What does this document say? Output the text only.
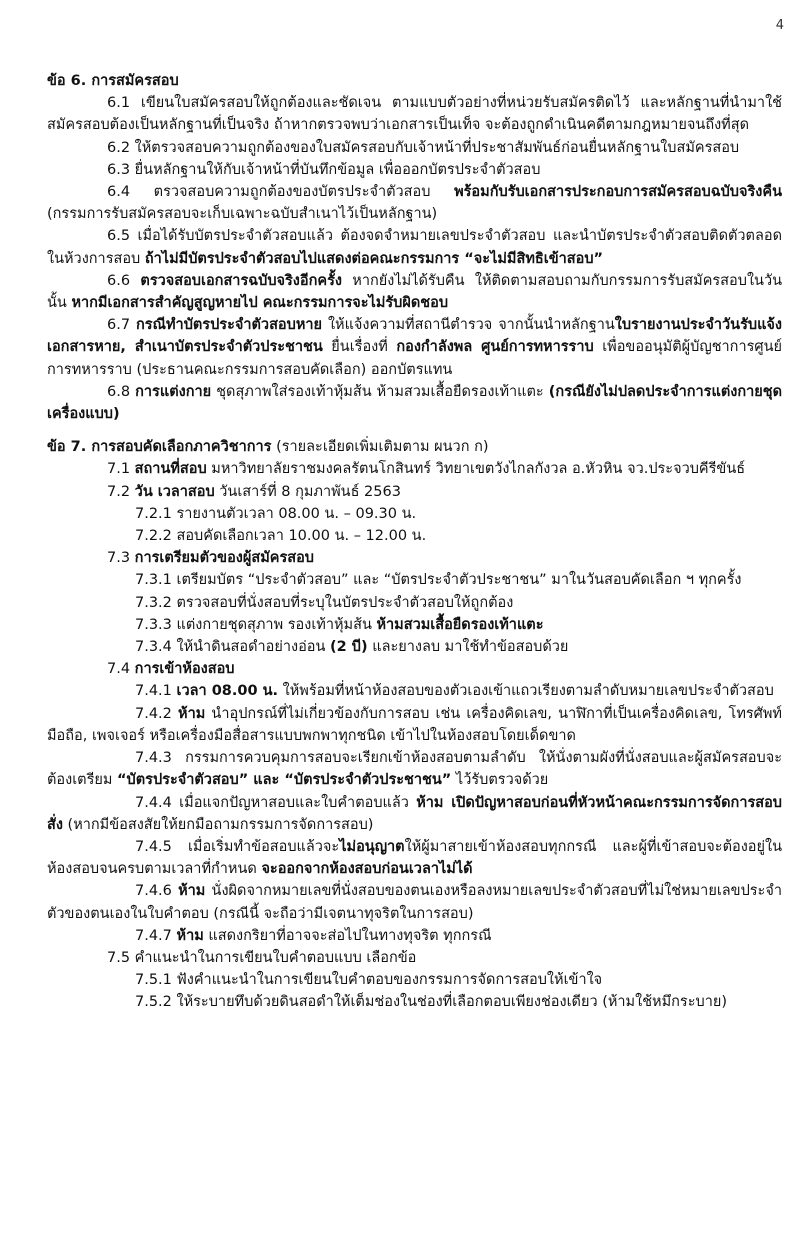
4
ข้อ 6. การสมัครสอบ
6.1 เขียนใบสมัครสอบให้ถูกต้องและชัดเจน ตามแบบตัวอย่างที่หน่วยรับสมัครติดไว้ และหลักฐานที่นำมาใช้สมัครสอบต้องเป็นหลักฐานที่เป็นจริง ถ้าหากตรวจพบว่าเอกสารเป็นเท็จ จะต้องถูกดำเนินคดีตามกฎหมายจนถึงที่สุด
6.2 ให้ตรวจสอบความถูกต้องของใบสมัครสอบกับเจ้าหน้าที่ประชาสัมพันธ์ก่อนยื่นหลักฐานใบสมัครสอบ
6.3 ยื่นหลักฐานให้กับเจ้าหน้าที่บันทึกข้อมูล เพื่อออกบัตรประจำตัวสอบ
6.4 ตรวจสอบความถูกต้องของบัตรประจำตัวสอบ พร้อมกับรับเอกสารประกอบการสมัครสอบฉบับจริงคืน (กรรมการรับสมัครสอบจะเก็บเฉพาะฉบับสำเนาไว้เป็นหลักฐาน)
6.5 เมื่อได้รับบัตรประจำตัวสอบแล้ว ต้องจดจำหมายเลขประจำตัวสอบ และนำบัตรประจำตัวสอบติดตัวตลอดในห้วงการสอบ ถ้าไม่มีบัตรประจำตัวสอบไปแสดงต่อคณะกรรมการ “จะไม่มีสิทธิเข้าสอบ”
6.6 ตรวจสอบเอกสารฉบับจริงอีกครั้ง หากยังไม่ได้รับคืน ให้ติดตามสอบถามกับกรรมการรับสมัครสอบในวันนั้น หากมีเอกสารสำคัญสูญหายไป คณะกรรมการจะไม่รับผิดชอบ
6.7 กรณีทำบัตรประจำตัวสอบหาย ให้แจ้งความที่สถานีตำรวจ จากนั้นนำหลักฐานใบรายงานประจำวันรับแจ้งเอกสารหาย, สำเนาบัตรประจำตัวประชาชน ยื่นเรื่องที่ กองกำลังพล ศูนย์การทหารราบ เพื่อขออนุมัติผู้บัญชาการศูนย์การทหารราบ (ประธานคณะกรรมการสอบคัดเลือก) ออกบัตรแทน
6.8 การแต่งกาย ชุดสุภาพใส่รองเท้าหุ้มส้น ห้ามสวมเสื้อยืดรองเท้าแตะ (กรณียังไม่ปลดประจำการแต่งกายชุดเครื่องแบบ)
ข้อ 7. การสอบคัดเลือกภาควิชาการ (รายละเอียดเพิ่มเติมตาม ผนวก ก)
7.1 สถานที่สอบ มหาวิทยาลัยราชมงคลรัตนโกสินทร์ วิทยาเขตวังไกลกังวล อ.หัวหิน จว.ประจวบคีรีขันธ์
7.2 วัน เวลาสอบ วันเสาร์ที่ 8 กุมภาพันธ์ 2563
7.2.1 รายงานตัวเวลา 08.00 น. – 09.30 น.
7.2.2 สอบคัดเลือกเวลา 10.00 น. – 12.00 น.
7.3 การเตรียมตัวของผู้สมัครสอบ
7.3.1 เตรียมบัตร “ประจำตัวสอบ” และ “บัตรประจำตัวประชาชน” มาในวันสอบคัดเลือก ฯ ทุกครั้ง
7.3.2 ตรวจสอบที่นั่งสอบที่ระบุในบัตรประจำตัวสอบให้ถูกต้อง
7.3.3 แต่งกายชุดสุภาพ รองเท้าหุ้มส้น ห้ามสวมเสื้อยืดรองเท้าแตะ
7.3.4 ให้นำดินสอดำอย่างอ่อน (2 บี) และยางลบ มาใช้ทำข้อสอบด้วย
7.4 การเข้าห้องสอบ
7.4.1 เวลา 08.00 น. ให้พร้อมที่หน้าห้องสอบของตัวเองเข้าแถวเรียงตามลำดับหมายเลขประจำตัวสอบ
7.4.2 ห้าม นำอุปกรณ์ที่ไม่เกี่ยวข้องกับการสอบ เช่น เครื่องคิดเลข, นาฬิกาที่เป็นเครื่องคิดเลข, โทรศัพท์มือถือ, เพจเจอร์ หรือเครื่องมือสื่อสารแบบพกพาทุกชนิด เข้าไปในห้องสอบโดยเด็ดขาด
7.4.3 กรรมการควบคุมการสอบจะเรียกเข้าห้องสอบตามลำดับ ให้นั่งตามผังที่นั่งสอบและผู้สมัครสอบจะต้องเตรียม “บัตรประจำตัวสอบ” และ “บัตรประจำตัวประชาชน” ไว้รับตรวจด้วย
7.4.4 เมื่อแจกปัญหาสอบและใบคำตอบแล้ว ห้าม เปิดปัญหาสอบก่อนที่หัวหน้าคณะกรรมการจัดการสอบสั่ง (หากมีข้อสงสัยให้ยกมือถามกรรมการจัดการสอบ)
7.4.5 เมื่อเริ่มทำข้อสอบแล้วจะไม่อนุญาตให้ผู้มาสายเข้าห้องสอบทุกกรณี และผู้ที่เข้าสอบจะต้องอยู่ในห้องสอบจนครบตามเวลาที่กำหนด จะออกจากห้องสอบก่อนเวลาไม่ได้
7.4.6 ห้าม นั่งผิดจากหมายเลขที่นั่งสอบของตนเองหรือลงหมายเลขประจำตัวสอบที่ไม่ใช่หมายเลขประจำตัวของตนเองในใบคำตอบ (กรณีนี้ จะถือว่ามีเจตนาทุจริตในการสอบ)
7.4.7 ห้าม แสดงกริยาที่อาจจะส่อไปในทางทุจริต ทุกกรณี
7.5 คำแนะนำในการเขียนใบคำตอบแบบ เลือกข้อ
7.5.1 ฟังคำแนะนำในการเขียนใบคำตอบของกรรมการจัดการสอบให้เข้าใจ
7.5.2 ให้ระบายทึบด้วยดินสอดำให้เต็มช่องในช่องที่เลือกตอบเพียงช่องเดียว (ห้ามใช้หมึกระบาย)
